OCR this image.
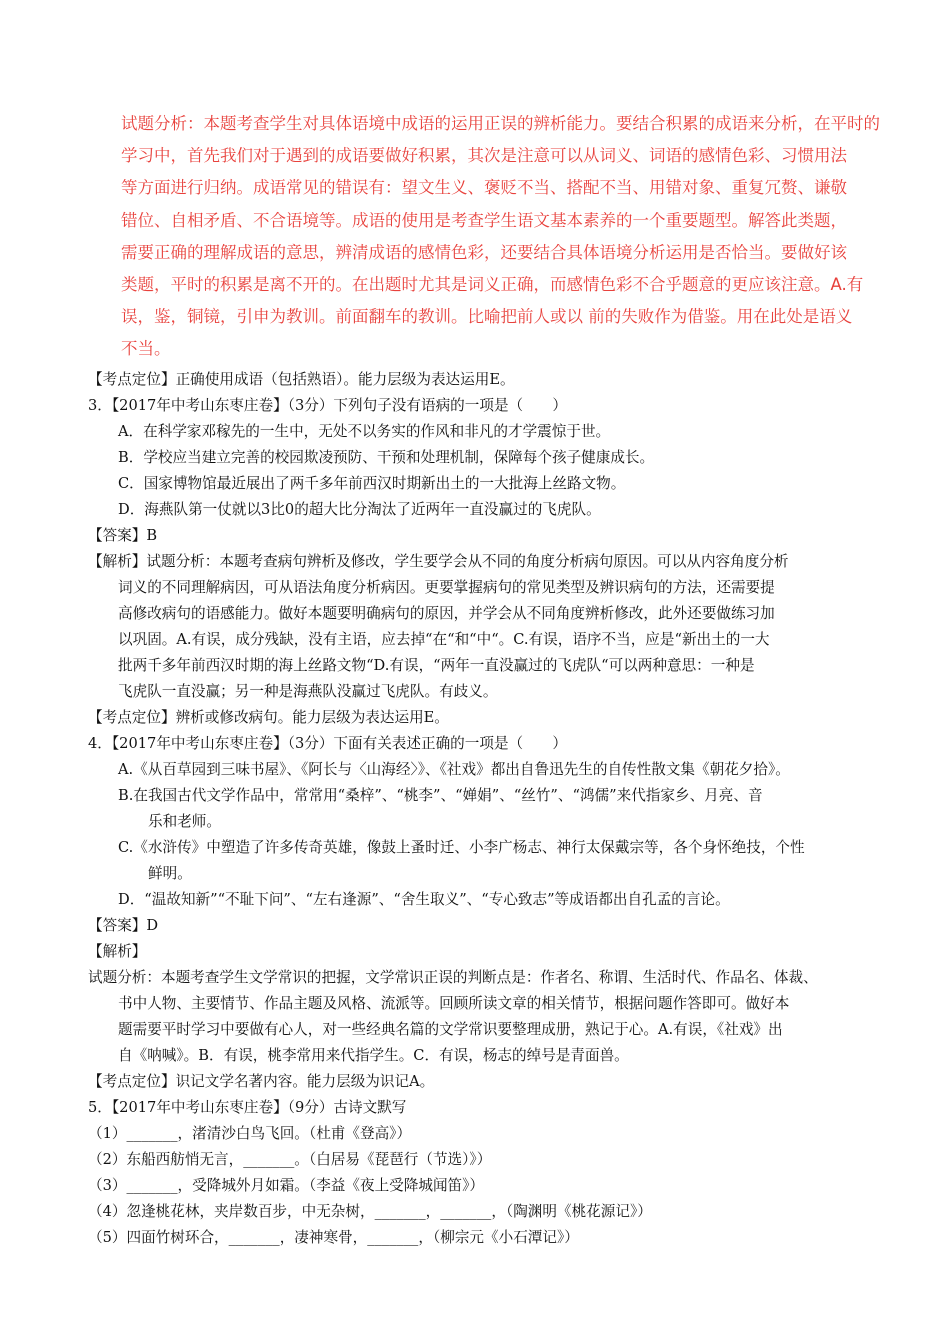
试题分析：本题考查学生对具体语境中成语的运用正误的辨析能力。要结合积累的成语来分析，在平时的

学习中，首先我们对于遇到的成语要做好积累，其次是注意可以从词义、词语的感情色彩、习惯用法

等方面进行归纳。成语常见的错误有：望文生义、褒贬不当、搭配不当、用错对象、重复冗赘、谦敬

错位、自相矛盾、不合语境等。成语的使用是考查学生语文基本素养的一个重要题型。解答此类题，

需要正确的理解成语的意思，辨清成语的感情色彩，还要结合具体语境分析运用是否恰当。要做好该

类题，平时的积累是离不开的。在出题时尤其是词义正确，而感情色彩不合乎题意的更应该注意。A.有

误，鉴，铜镜，引申为教训。前面翻车的教训。比喻把前人或以 前的失败作为借鉴。用在此处是语义

不当。

【考点定位】正确使用成语（包括熟语）。能力层级为表达运用E。

3．【2017年中考山东枣庄卷】（3分）下列句子没有语病的一项是（　　）

A．在科学家邓稼先的一生中，无处不以务实的作风和非凡的才学震惊于世。

B．学校应当建立完善的校园欺凌预防、干预和处理机制，保障每个孩子健康成长。

C．国家博物馆最近展出了两千多年前西汉时期新出土的一大批海上丝路文物。

D．海燕队第一仗就以3比0的超大比分淘汰了近两年一直没赢过的飞虎队。

【答案】B

【解析】试题分析：本题考查病句辨析及修改，学生要学会从不同的角度分析病句原因。可以从内容角度分析

词义的不同理解病因，可从语法角度分析病因。更要掌握病句的常见类型及辨识病句的方法，还需要提

高修改病句的语感能力。做好本题要明确病句的原因，并学会从不同角度辨析修改，此外还要做练习加

以巩固。A.有误，成分残缺，没有主语，应去掉“在“和“中“。C.有误，语序不当，应是“新出土的一大

批两千多年前西汉时期的海上丝路文物“D.有误，“两年一直没赢过的飞虎队“可以两种意思：一种是

飞虎队一直没赢；另一种是海燕队没赢过飞虎队。有歧义。

【考点定位】辨析或修改病句。能力层级为表达运用E。

4．【2017年中考山东枣庄卷】（3分）下面有关表述正确的一项是（　　）

A.《从百草园到三味书屋》、《阿长与〈山海经〉》、《社戏》都出自鲁迅先生的自传性散文集《朝花夕拾》。

B.在我国古代文学作品中，常常用“桑梓”、“桃李”、“婵娟”、“丝竹”、“鸿儒”来代指家乡、月亮、音

乐和老师。

C.《水浒传》中塑造了许多传奇英雄，像鼓上蚤时迁、小李广杨志、神行太保戴宗等，各个身怀绝技，个性

鲜明。

D．“温故知新”“不耻下问”、“左右逢源”、“舍生取义”、“专心致志”等成语都出自孔孟的言论。

【答案】D

【解析】

试题分析：本题考查学生文学常识的把握，文学常识正误的判断点是：作者名、称谓、生活时代、作品名、体裁、

书中人物、主要情节、作品主题及风格、流派等。回顾所读文章的相关情节，根据问题作答即可。做好本

题需要平时学习中要做有心人，对一些经典名篇的文学常识要整理成册，熟记于心。A.有误，《社戏》出

自《呐喊》。B．有误，桃李常用来代指学生。C．有误，杨志的绰号是青面兽。

【考点定位】识记文学名著内容。能力层级为识记A。

5．【2017年中考山东枣庄卷】（9分）古诗文默写

（1）_______，渚清沙白鸟飞回。（杜甫《登高》）

（2）东船西舫悄无言，_______。（白居易《琵琶行（节选）》）

（3）_______，受降城外月如霜。（李益《夜上受降城闻笛》）

（4）忽逢桃花林，夹岸数百步，中无杂树，_______，_______，（陶渊明《桃花源记》）

（5）四面竹树环合，_______，凄神寒骨，_______，（柳宗元《小石潭记》）
